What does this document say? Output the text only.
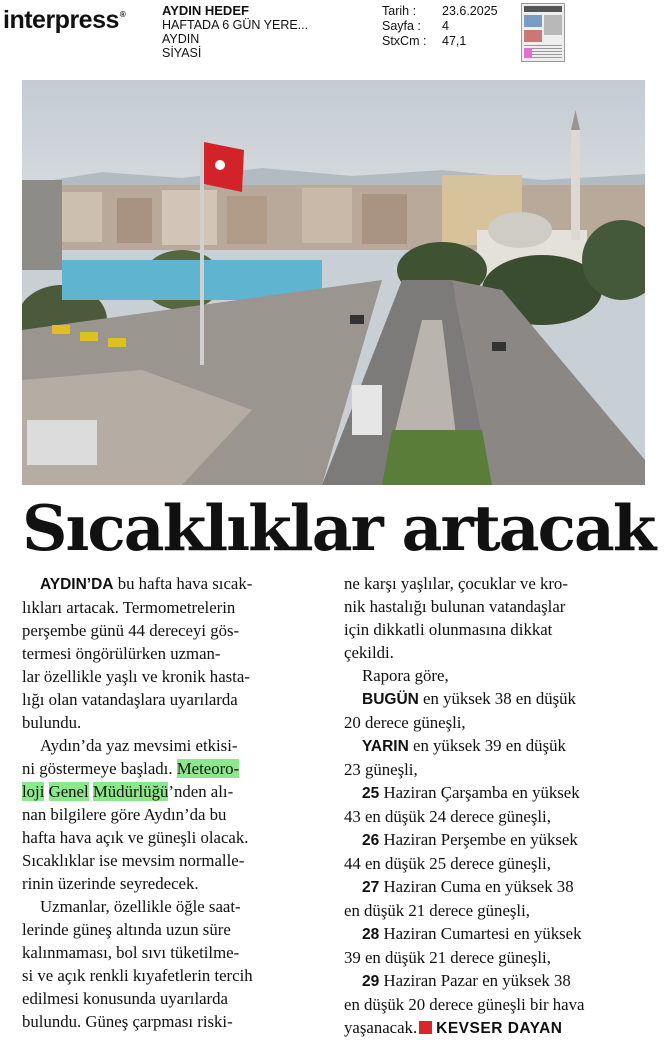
interpress®	AYDIN HEDEF
HAFTADA 6 GÜN YERE...
AYDIN
SİYASİ
Tarih :	23.6.2025
Sayfa :	4
StxCm :	47,1
Sıcaklıklar artacak
AYDIN’DA bu hafta hava sıcak-
lıkları artacak. Termometrelerin
perşembe günü 44 dereceyi gös-
termesi öngörülürken uzman-
lar özellikle yaşlı ve kronik hasta-
lığı olan vatandaşlara uyarılarda
bulundu.
Aydın’da yaz mevsimi etkisi-
ni göstermeye başladı. Meteoro-
loji Genel Müdürlüğü’nden alı-
nan bilgilere göre Aydın’da bu
hafta hava açık ve güneşli olacak.
Sıcaklıklar ise mevsim normalle-
rinin üzerinde seyredecek.
Uzmanlar, özellikle öğle saat-
lerinde güneş altında uzun süre
kalınmaması, bol sıvı tüketilme-
si ve açık renkli kıyafetlerin tercih
edilmesi konusunda uyarılarda
bulundu. Güneş çarpması riski-
ne karşı yaşlılar, çocuklar ve kro-
nik hastalığı bulunan vatandaşlar
için dikkatli olunmasına dikkat
çekildi.
Rapora göre,
BUGÜN en yüksek 38 en düşük
20 derece güneşli,
YARIN en yüksek 39 en düşük
23 güneşli,
25 Haziran Çarşamba en yüksek
43 en düşük 24 derece güneşli,
26 Haziran Perşembe en yüksek
44 en düşük 25 derece güneşli,
27 Haziran Cuma en yüksek 38
en düşük 21 derece güneşli,
28 Haziran Cumartesi en yüksek
39 en düşük 21 derece güneşli,
29 Haziran Pazar en yüksek 38
en düşük 20 derece güneşli bir hava
yaşanacak. KEVSER DAYAN
